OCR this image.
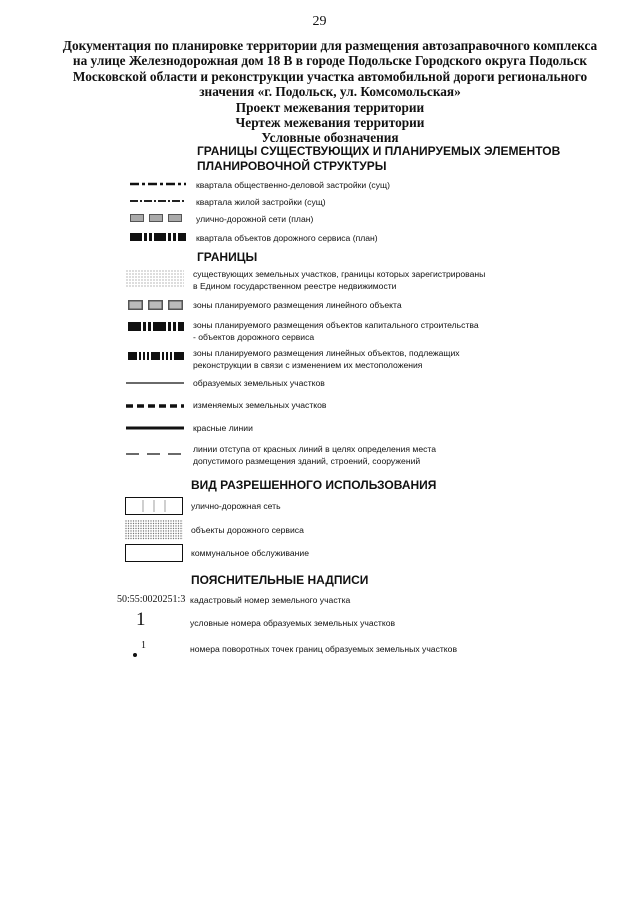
29
Документация по планировке территории для размещения автозаправочного комплекса
на улице Железнодорожная дом 18 В в городе Подольске Городского округа Подольск
Московской области и реконструкции участка автомобильной дороги регионального
значения «г. Подольск, ул. Комсомольская»
Проект межевания территории
Чертеж межевания территории
Условные обозначения
ГРАНИЦЫ СУЩЕСТВУЮЩИХ И ПЛАНИРУЕМЫХ ЭЛЕМЕНТОВ
ПЛАНИРОВОЧНОЙ СТРУКТУРЫ
квартала общественно-деловой застройки (сущ)
квартала жилой застройки (сущ)
улично-дорожной сети (план)
квартала объектов дорожного сервиса (план)
ГРАНИЦЫ
существующих земельных участков, границы которых зарегистрированы
в Едином государственном реестре недвижимости
зоны планируемого размещения линейного объекта
зоны планируемого размещения объектов капитального строительства
- объектов дорожного сервиса
зоны планируемого размещения линейных объектов, подлежащих
реконструкции в связи с изменением их местоположения
образуемых земельных участков
изменяемых земельных участков
красные линии
линии отступа от красных линий в целях определения места
допустимого размещения зданий, строений, сооружений
ВИД РАЗРЕШЕННОГО ИСПОЛЬЗОВАНИЯ
улично-дорожная сеть
объекты дорожного сервиса
коммунальное обслуживание
ПОЯСНИТЕЛЬНЫЕ НАДПИСИ
50:55:0020251:3 кадастровый номер земельного участка
1	условные номера образуемых земельных участков
1	номера поворотных точек границ образуемых земельных участков
